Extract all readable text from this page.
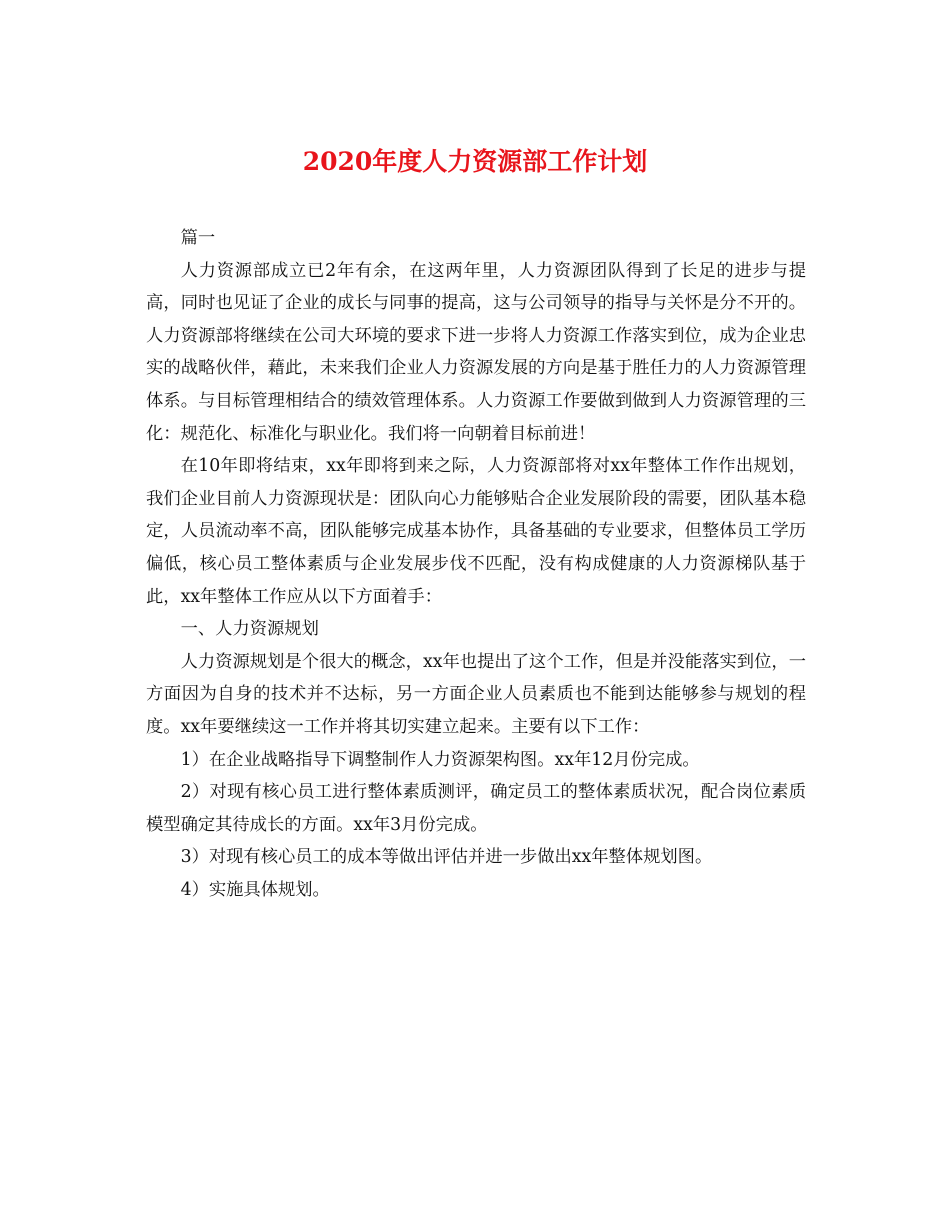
2020年度人力资源部工作计划

篇一

人力资源部成立已2年有余，在这两年里，人力资源团队得到了长足的进步与提高，同时也见证了企业的成长与同事的提高，这与公司领导的指导与关怀是分不开的。人力资源部将继续在公司大环境的要求下进一步将人力资源工作落实到位，成为企业忠实的战略伙伴，藉此，未来我们企业人力资源发展的方向是基于胜任力的人力资源管理体系。与目标管理相结合的绩效管理体系。人力资源工作要做到做到人力资源管理的三化：规范化、标准化与职业化。我们将一向朝着目标前进！

在10年即将结束，xx年即将到来之际，人力资源部将对xx年整体工作作出规划，我们企业目前人力资源现状是：团队向心力能够贴合企业发展阶段的需要，团队基本稳定，人员流动率不高，团队能够完成基本协作，具备基础的专业要求，但整体员工学历偏低，核心员工整体素质与企业发展步伐不匹配，没有构成健康的人力资源梯队基于此，xx年整体工作应从以下方面着手：

一、人力资源规划

人力资源规划是个很大的概念，xx年也提出了这个工作，但是并没能落实到位，一方面因为自身的技术并不达标，另一方面企业人员素质也不能到达能够参与规划的程度。xx年要继续这一工作并将其切实建立起来。主要有以下工作：

1）在企业战略指导下调整制作人力资源架构图。xx年12月份完成。

2）对现有核心员工进行整体素质测评，确定员工的整体素质状况，配合岗位素质模型确定其待成长的方面。xx年3月份完成。

3）对现有核心员工的成本等做出评估并进一步做出xx年整体规划图。

4）实施具体规划。
